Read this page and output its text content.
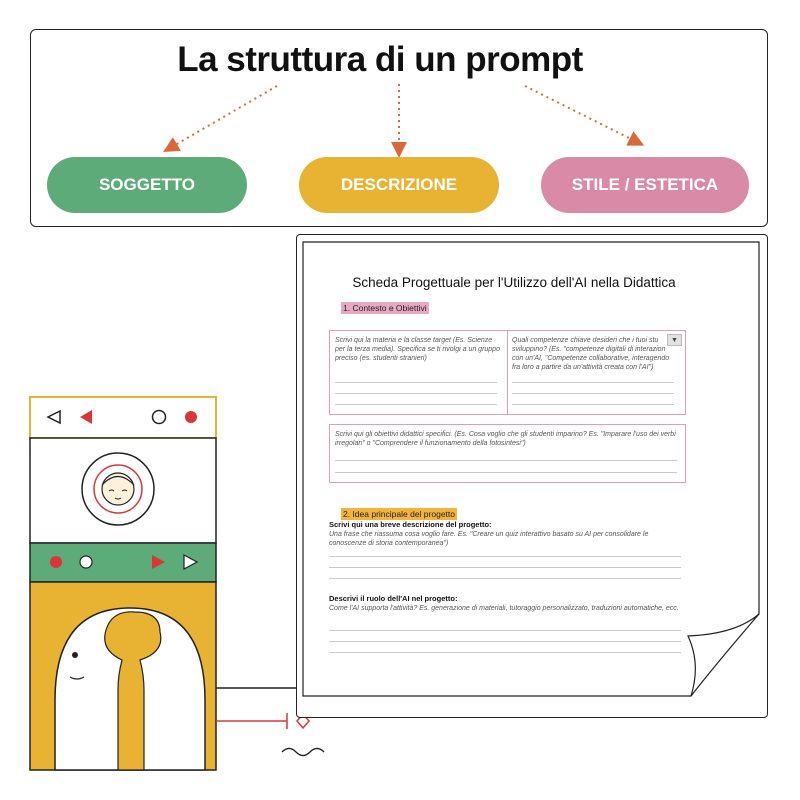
La struttura di un prompt
SOGGETTO	DESCRIZIONE	STILE / ESTETICA
Scheda Progettuale per l'Utilizzo dell'AI nella Didattica
1. Contesto e Obiettivi
Scrivi qui la materia e la classe target (Es. Scienze per la terza media). Specifica se ti rivolgi a un gruppo preciso (es. studenti stranieri)
Quali competenze chiave desideri che i tuoi stu sviluppino? (Es. "competenze digitali di interazion con un'AI, "Competenze collaborative, interagendo fra loro a partire da un'attività creata con l'AI")
▼
Scrivi qui gli obiettivi didattici specifici. (Es. Cosa voglio che gli studenti imparino? Es. "Imparare l'uso dei verbi irregolari" o "Comprendere il funzionamento della fotosintesi")
2. Idea principale del progetto
Scrivi qui una breve descrizione del progetto:
Una frase che riassuma cosa voglio fare. Es. "Creare un quiz interattivo basato su AI per consolidare le conoscenze di storia contemporanea")
Descrivi il ruolo dell'AI nel progetto:
Come l'AI supporta l'attività? Es. generazione di materiali, tutoraggio personalizzato, traduzioni automatiche, ecc.
